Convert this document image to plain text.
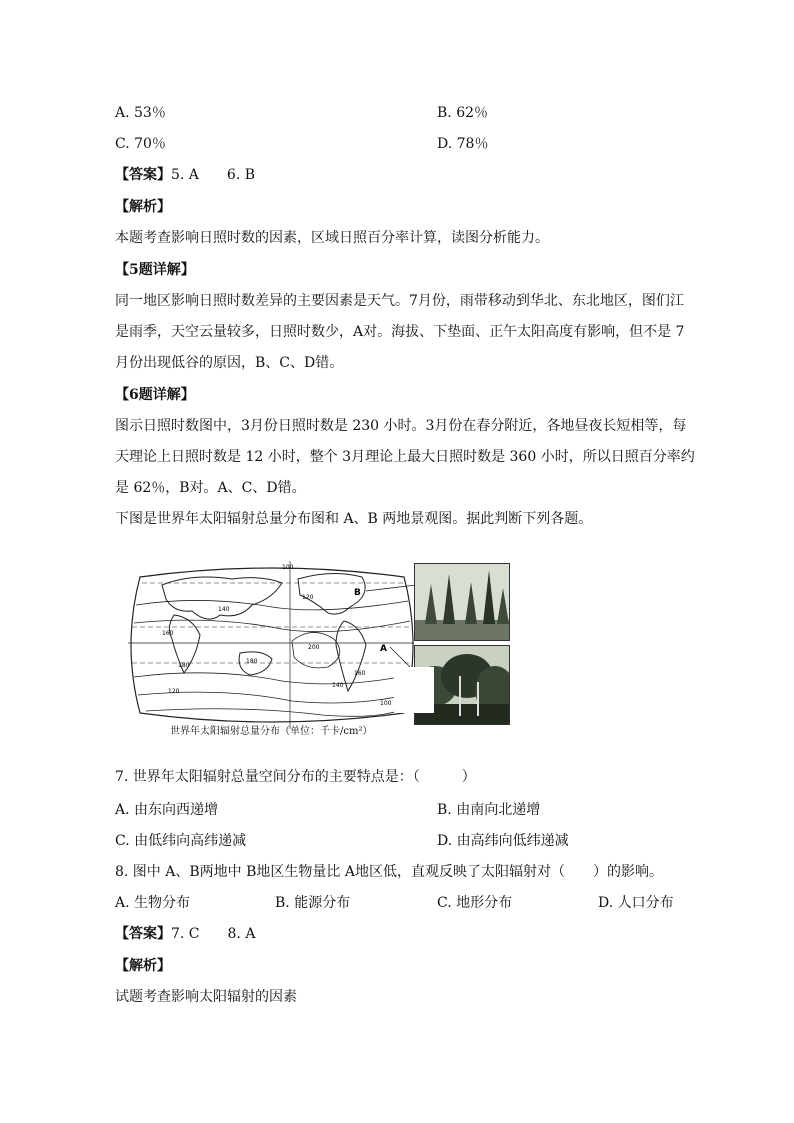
A. 53％	B. 62％
C. 70％	D. 78％
【答案】5. A　　6. B
【解析】
本题考查影响日照时数的因素，区域日照百分率计算，读图分析能力。
【5题详解】
同一地区影响日照时数差异的主要因素是天气。7月份，雨带移动到华北、东北地区，图们江
是雨季，天空云量较多，日照时数少，A对。海拔、下垫面、正午太阳高度有影响，但不是 7
月份出现低谷的原因，B、C、D错。
【6题详解】
图示日照时数图中，3月份日照时数是 230 小时。3月份在春分附近，各地昼夜长短相等，每
天理论上日照时数是 12 小时，整个 3月理论上最大日照时数是 360 小时，所以日照百分率约
是 62％，B对。A、C、D错。
下图是世界年太阳辐射总量分布图和 A、B 两地景观图。据此判断下列各题。
100
120
140
160
180
200
180
160
140
120
100
B
A
世界年太阳辐射总量分布（单位：千卡/cm²）
7. 世界年太阳辐射总量空间分布的主要特点是：（　　　）
A. 由东向西递增	B. 由南向北递增
C. 由低纬向高纬递减	D. 由高纬向低纬递减
8. 图中 A、B两地中 B地区生物量比 A地区低，直观反映了太阳辐射对（　　）的影响。
A. 生物分布	B. 能源分布	C. 地形分布	D. 人口分布
【答案】7. C　　8. A
【解析】
试题考查影响太阳辐射的因素
